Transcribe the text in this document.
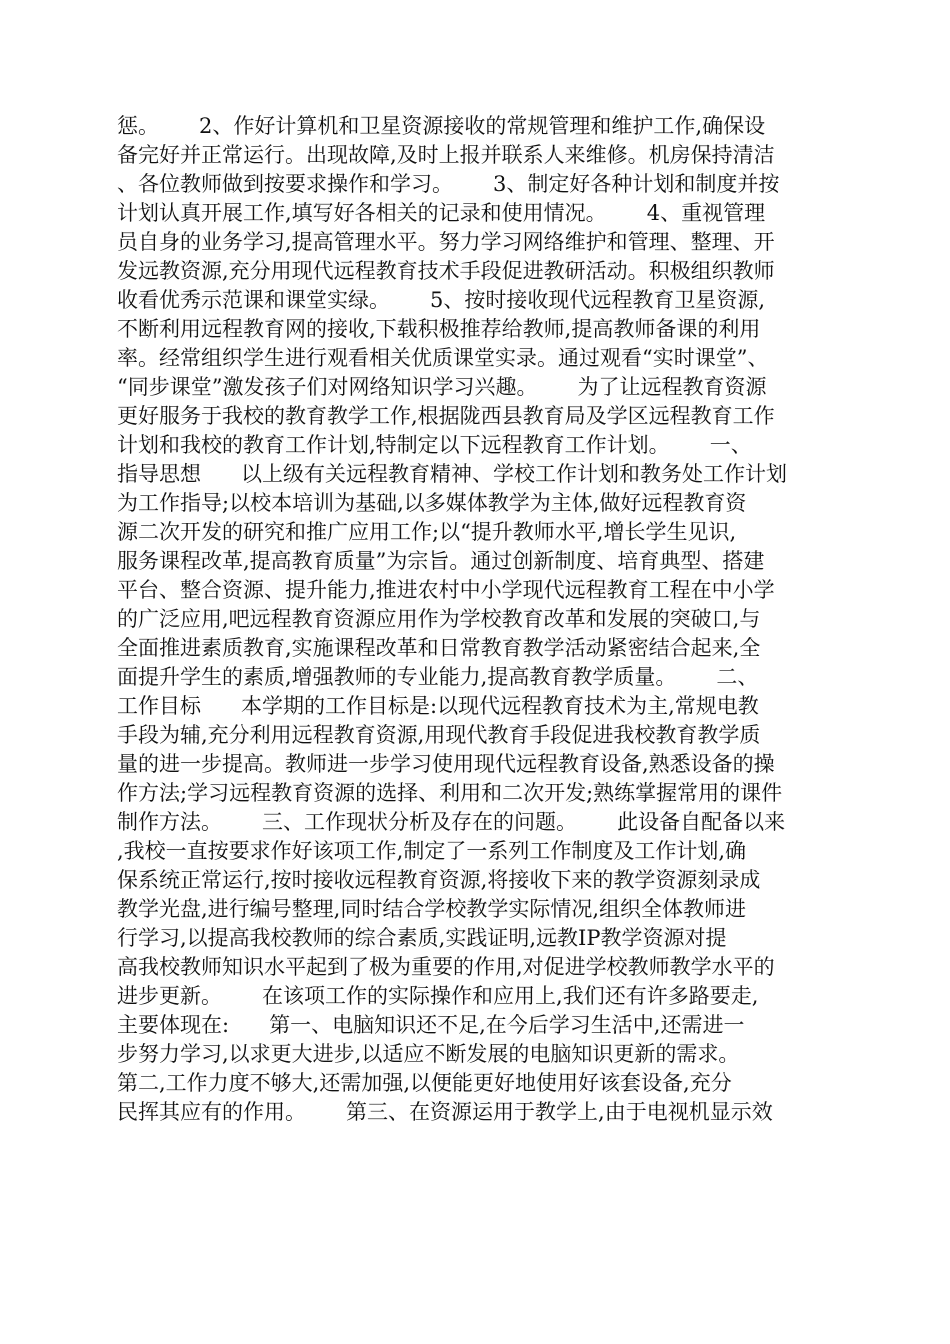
惩。      2、作好计算机和卫星资源接收的常规管理和维护工作,确保设
备完好并正常运行。出现故障,及时上报并联系人来维修。机房保持清洁
、各位教师做到按要求操作和学习。      3、制定好各种计划和制度并按
计划认真开展工作,填写好各相关的记录和使用情况。      4、重视管理
员自身的业务学习,提高管理水平。努力学习网络维护和管理、整理、开
发远教资源,充分用现代远程教育技术手段促进教研活动。积极组织教师
收看优秀示范课和课堂实绿。      5、按时接收现代远程教育卫星资源,
不断利用远程教育网的接收,下载积极推荐给教师,提高教师备课的利用
率。经常组织学生进行观看相关优质课堂实录。通过观看“实时课堂”、
“同步课堂”激发孩子们对网络知识学习兴趣。      为了让远程教育资源
更好服务于我校的教育教学工作,根据陇西县教育局及学区远程教育工作
计划和我校的教育工作计划,特制定以下远程教育工作计划。      一、
指导思想      以上级有关远程教育精神、学校工作计划和教务处工作计划
为工作指导;以校本培训为基础,以多媒体教学为主体,做好远程教育资
源二次开发的研究和推广应用工作;以“提升教师水平,增长学生见识,
服务课程改革,提高教育质量”为宗旨。通过创新制度、培育典型、搭建
平台、整合资源、提升能力,推进农村中小学现代远程教育工程在中小学
的广泛应用,吧远程教育资源应用作为学校教育改革和发展的突破口,与
全面推进素质教育,实施课程改革和日常教育教学活动紧密结合起来,全
面提升学生的素质,增强教师的专业能力,提高教育教学质量。      二、
工作目标      本学期的工作目标是:以现代远程教育技术为主,常规电教
手段为辅,充分利用远程教育资源,用现代教育手段促进我校教育教学质
量的进一步提高。教师进一步学习使用现代远程教育设备,熟悉设备的操
作方法;学习远程教育资源的选择、利用和二次开发;熟练掌握常用的课件
制作方法。      三、工作现状分析及存在的问题。      此设备自配备以来
,我校一直按要求作好该项工作,制定了一系列工作制度及工作计划,确
保系统正常运行,按时接收远程教育资源,将接收下来的教学资源刻录成
教学光盘,进行编号整理,同时结合学校教学实际情况,组织全体教师进
行学习,以提高我校教师的综合素质,实践证明,远教IP教学资源对提
高我校教师知识水平起到了极为重要的作用,对促进学校教师教学水平的
进步更新。      在该项工作的实际操作和应用上,我们还有许多路要走,
主要体现在:      第一、电脑知识还不足,在今后学习生活中,还需进一
步努力学习,以求更大进步,以适应不断发展的电脑知识更新的需求。
第二,工作力度不够大,还需加强,以便能更好地使用好该套设备,充分
民挥其应有的作用。      第三、在资源运用于教学上,由于电视机显示效
